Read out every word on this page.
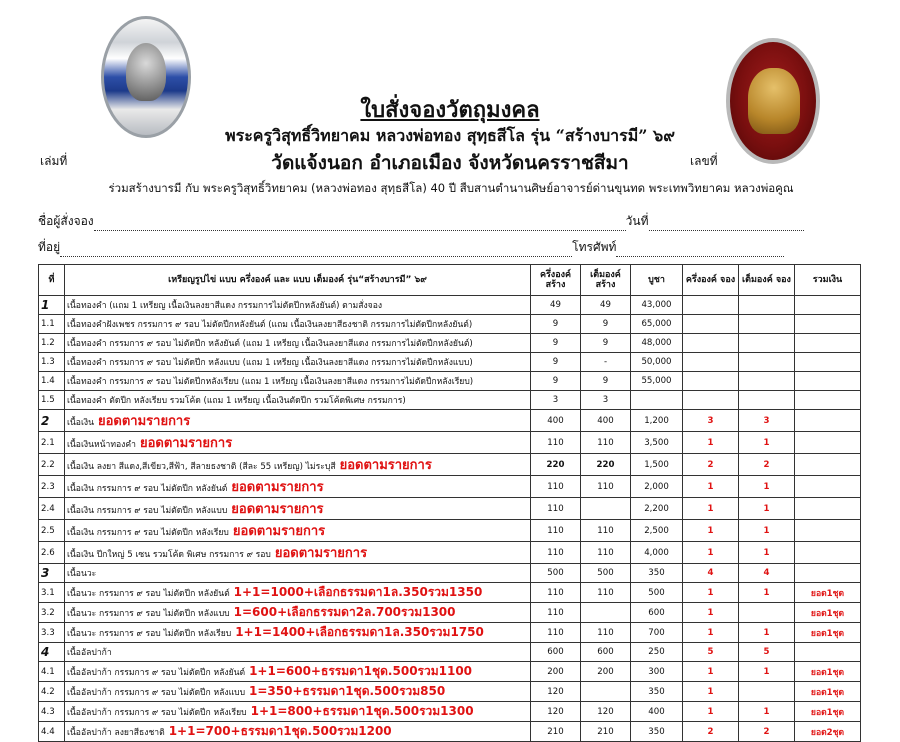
ใบสั่งจองวัตถุมงคล
พระครูวิสุทธิ์วิทยาคม หลวงพ่อทอง สุทฺธสีโล รุ่น “สร้างบารมี” ๖๙
วัดแจ้งนอก อำเภอเมือง จังหวัดนครราชสีมา
เล่มที่	เลขที่
ร่วมสร้างบารมี กับ พระครูวิสุทธิ์วิทยาคม (หลวงพ่อทอง สุทฺธสีโล) 40 ปี สืบสานตำนานศิษย์อาจารย์ด่านขุนทด พระเทพวิทยาคม หลวงพ่อคูณ
ชื่อผู้สั่งจอง	วันที่
ที่อยู่	โทรศัพท์
ที่	เหรียญรูปไข่ แบบ ครึ่งองค์ และ แบบ เต็มองค์ รุ่น“สร้างบารมี” ๖๙	ครึ่งองค์ สร้าง	เต็มองค์ สร้าง	บูชา	ครึ่งองค์ จอง	เต็มองค์ จอง	รวมเงิน
1	เนื้อทองคำ (แถม 1 เหรียญ เนื้อเงินลงยาสีแดง กรรมการไม่ตัดปีกหลังยันต์) ตามสั่งจอง	49	49	43,000			
1.1	เนื้อทองคำฝังเพชร กรรมการ ๙ รอบ ไม่ตัดปีกหลังยันต์ (แถม เนื้อเงินลงยาสีธงชาติ กรรมการไม่ตัดปีกหลังยันต์)	9	9	65,000			
1.2	เนื้อทองคำ กรรมการ ๙ รอบ ไม่ตัดปีก หลังยันต์ (แถม 1 เหรียญ เนื้อเงินลงยาสีแดง กรรมการไม่ตัดปีกหลังยันต์)	9	9	48,000			
1.3	เนื้อทองคำ กรรมการ ๙ รอบ ไม่ตัดปีก หลังแบบ (แถม 1 เหรียญ เนื้อเงินลงยาสีแดง กรรมการไม่ตัดปีกหลังแบบ)	9	-	50,000			
1.4	เนื้อทองคำ กรรมการ ๙ รอบ ไม่ตัดปีกหลังเรียบ (แถม 1 เหรียญ เนื้อเงินลงยาสีแดง กรรมการไม่ตัดปีกหลังเรียบ)	9	9	55,000			
1.5	เนื้อทองคำ ตัดปีก หลังเรียบ รวมโค้ด (แถม 1 เหรียญ เนื้อเงินตัดปีก รวมโค้ดพิเศษ กรรมการ)	3	3				
2	เนื้อเงิน ยอดตามรายการ	400	400	1,200	3	3	
2.1	เนื้อเงินหน้าทองคำ ยอดตามรายการ	110	110	3,500	1	1	
2.2	เนื้อเงิน ลงยา สีแดง,สีเขียว,สีฟ้า, สีลายธงชาติ (สีละ 55 เหรียญ) ไม่ระบุสี ยอดตามรายการ	220	220	1,500	2	2	
2.3	เนื้อเงิน กรรมการ ๙ รอบ ไม่ตัดปีก หลังยันต์ ยอดตามรายการ	110	110	2,000	1	1	
2.4	เนื้อเงิน กรรมการ ๙ รอบ ไม่ตัดปีก หลังแบบ ยอดตามรายการ	110		2,200	1	1	
2.5	เนื้อเงิน กรรมการ ๙ รอบ ไม่ตัดปีก หลังเรียบ ยอดตามรายการ	110	110	2,500	1	1	
2.6	เนื้อเงิน ปีกใหญ่ 5 เซน รวมโค้ด พิเศษ กรรมการ ๙ รอบ ยอดตามรายการ	110	110	4,000	1	1	
3	เนื้อนวะ	500	500	350	4	4	
3.1	เนื้อนวะ กรรมการ ๙ รอบ ไม่ตัดปีก หลังยันต์ 1+1=1000+เลือกธรรมดา1ล.350รวม1350	110	110	500	1	1	ยอด1ชุด
3.2	เนื้อนวะ กรรมการ ๙ รอบ ไม่ตัดปีก หลังแบบ 1=600+เลือกธรรมดา2ล.700รวม1300	110		600	1		ยอด1ชุด
3.3	เนื้อนวะ กรรมการ ๙ รอบ ไม่ตัดปีก หลังเรียบ 1+1=1400+เลือกธรรมดา1ล.350รวม1750	110	110	700	1	1	ยอด1ชุด
4	เนื้ออัลปาก้า	600	600	250	5	5	
4.1	เนื้ออัลปาก้า กรรมการ ๙ รอบ ไม่ตัดปีก หลังยันต์ 1+1=600+ธรรมดา1ชุด.500รวม1100	200	200	300	1	1	ยอด1ชุด
4.2	เนื้ออัลปาก้า กรรมการ ๙ รอบ ไม่ตัดปีก หลังแบบ 1=350+ธรรมดา1ชุด.500รวม850	120		350	1		ยอด1ชุด
4.3	เนื้ออัลปาก้า กรรมการ ๙ รอบ ไม่ตัดปีก หลังเรียบ 1+1=800+ธรรมดา1ชุด.500รวม1300	120	120	400	1	1	ยอด1ชุด
4.4	เนื้ออัลปาก้า ลงยาสีธงชาติ 1+1=700+ธรรมดา1ชุด.500รวม1200	210	210	350	2	2	ยอด2ชุด
